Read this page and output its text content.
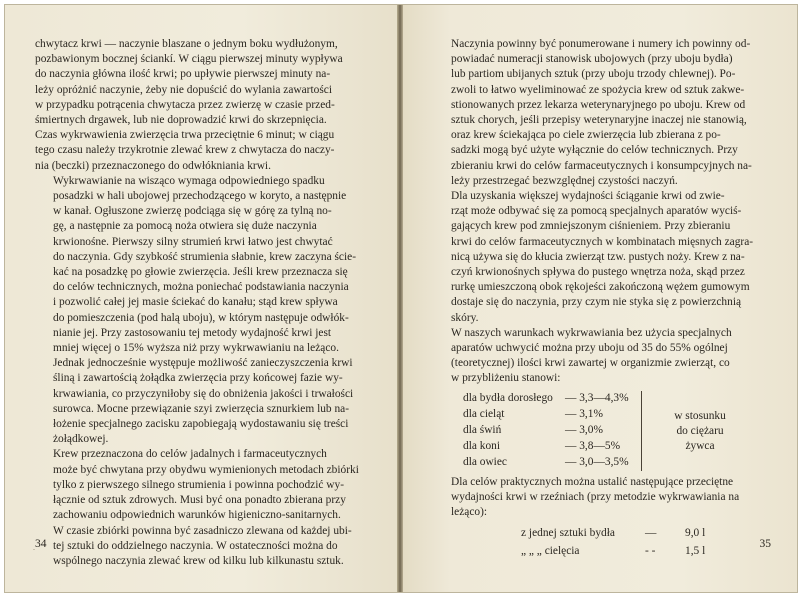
chwytacz krwi — naczynie blaszane o jednym boku wydłużonym,
pozbawionym bocznej ściankí. W ciągu pierwszej minuty wypływa
do naczynia główna ilość krwi; po upływie pierwszej minuty na-
leży opróżnić naczynie, żeby nie dopuścić do wylania zawartości
w przypadku potrącenia chwytacza przez zwierzę w czasie przed-
śmiertnych drgawek, lub nie doprowadzić krwi do skrzepnięcia.
Czas wykrwawienia zwierzęcia trwa przeciętnie 6 minut; w ciągu
tego czasu należy trzykrotnie zlewać krew z chwytacza do naczy-
nia (beczki) przeznaczonego do odwłókniania krwi.

Wykrwawianie na wisząco wymaga odpowiedniego spadku
posadzki w hali ubojowej przechodzącego w koryto, a następnie
w kanał. Ogłuszone zwierzę podciąga się w górę za tylną no-
gę, a następnie za pomocą noża otwiera się duże naczynia
krwionośne. Pierwszy silny strumień krwi łatwo jest chwytać
do naczynia. Gdy szybkość strumienia słabnie, krew zaczyna ście-
kać na posadzkę po głowie zwierzęcia. Jeśli krew przeznacza się
do celów technicznych, można poniechać podstawiania naczynia
i pozwolić całej jej masie ściekać do kanału; stąd krew spływa
do pomieszczenia (pod halą uboju), w którym następuje odwłók-
nianie jej. Przy zastosowaniu tej metody wydajność krwi jest
mniej więcej o 15% wyższa niż przy wykrwawianiu na leżąco.
Jednak jednocześnie występuje możliwość zanieczyszczenia krwi
śliną i zawartością żołądka zwierzęcia przy końcowej fazie wy-
krwawiania, co przyczyniłoby się do obniżenia jakości i trwałości
surowca. Mocne przewiązanie szyi zwierzęcia sznurkiem lub na-
łożenie specjalnego zacisku zapobiegają wydostawaniu się treści
żołądkowej.

Krew przeznaczona do celów jadalnych i farmaceutycznych
może być chwytana przy obydwu wymienionych metodach zbiórki
tylko z pierwszego silnego strumienia i powinna pochodzić wy-
łącznie od sztuk zdrowych. Musi być ona ponadto zbierana przy
zachowaniu odpowiednich warunków higieniczno-sanitarnych.
W czasie zbiórki powinna być zasadniczo zlewana od każdej ubi-
tej sztuki do oddzielnego naczynia. W ostateczności można do
wspólnego naczynia zlewać krew od kilku lub kilkunastu sztuk.

. 34

Naczynia powinny być ponumerowane i numery ich powinny od-
powiadać numeracji stanowisk ubojowych (przy uboju bydła)
lub partiom ubijanych sztuk (przy uboju trzody chlewnej). Po-
zwoli to łatwo wyeliminować ze spożycia krew od sztuk zakwe-
stionowanych przez lekarza weterynaryjnego po uboju. Krew od
sztuk chorych, jeśli przepisy weterynaryjne inaczej nie stanowią,
oraz krew ściekająca po ciele zwierzęcia lub zbierana z po-
sadzki mogą być użyte wyłącznie do celów technicznych. Przy
zbieraniu krwi do celów farmaceutycznych i konsumpcyjnych na-
leży przestrzegać bezwzględnej czystości naczyń.

Dla uzyskania większej wydajności ściąganie krwi od zwie-
rząt może odbywać się za pomocą specjalnych aparatów wyciś-
gających krew pod zmniejszonym ciśnieniem. Przy zbieraniu
krwi do celów farmaceutycznych w kombinatach mięsnych zagra-
nicą używa się do kłucia zwierząt tzw. pustych noży. Krew z na-
czyń krwionośnych spływa do pustego wnętrza noża, skąd przez
rurkę umieszczoną obok rękojeści zakończoną wężem gumowym
dostaje się do naczynia, przy czym nie styka się z powierzchnią
skóry.

W naszych warunkach wykrwawiania bez użycia specjalnych
aparatów uchwycić można przy uboju od 35 do 55% ogólnej
(teoretycznej) ilości krwi zawartej w organizmie zwierząt, co
w przybliżeniu stanowi:

w stosunku
do ciężaru
żywca
dla bydła dorosłego — 3,3—4,3%
dla cieląt	— 3,1%
dla świń	— 3,0%
dla koni	— 3,8—5%
dla owiec	— 3,0—3,5%

Dla celów praktycznych można ustalić następujące przeciętne
wydajności krwi w rzeźniach (przy metodzie wykrwawiania na
leżąco):

z jednej sztuki bydła	—	9,0 l
„ „ „ cielęcia	- -	1,5 l
35
